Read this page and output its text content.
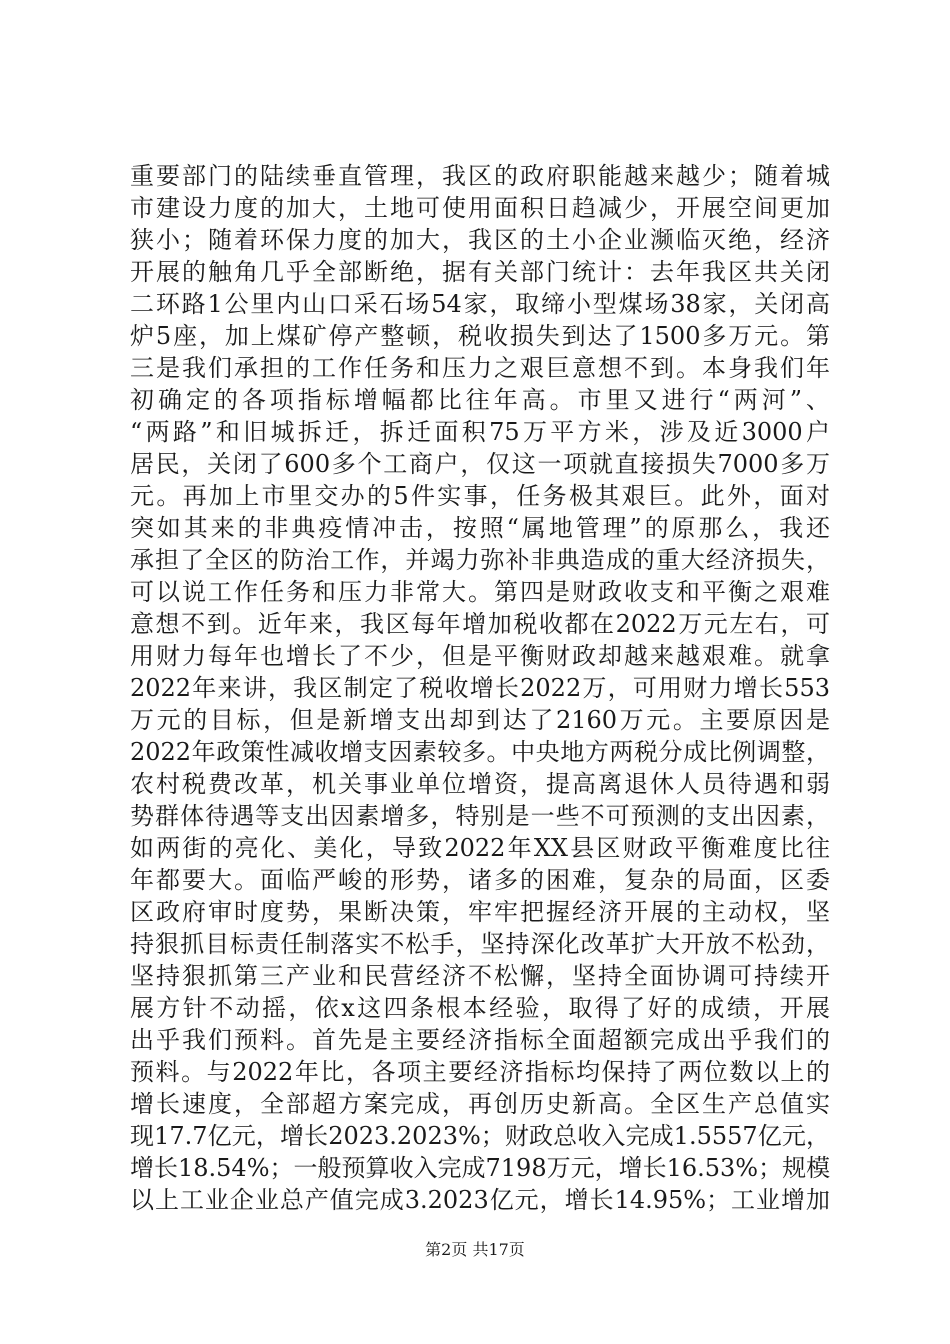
重要部门的陆续垂直管理，我区的政府职能越来越少；随着城
市建设力度的加大，土地可使用面积日趋减少，开展空间更加
狭小；随着环保力度的加大，我区的土小企业濒临灭绝，经济
开展的触角几乎全部断绝，据有关部门统计：去年我区共关闭
二环路1公里内山口采石场54家，取缔小型煤场38家，关闭高
炉5座，加上煤矿停产整顿，税收损失到达了1500多万元。第
三是我们承担的工作任务和压力之艰巨意想不到。本身我们年
初确定的各项指标增幅都比往年高。市里又进行“两河”、
“两路”和旧城拆迁，拆迁面积75万平方米，涉及近3000户
居民，关闭了600多个工商户，仅这一项就直接损失7000多万
元。再加上市里交办的5件实事，任务极其艰巨。此外，面对
突如其来的非典疫情冲击，按照“属地管理”的原那么，我还
承担了全区的防治工作，并竭力弥补非典造成的重大经济损失，
可以说工作任务和压力非常大。第四是财政收支和平衡之艰难
意想不到。近年来，我区每年增加税收都在2022万元左右，可
用财力每年也增长了不少，但是平衡财政却越来越艰难。就拿
2022年来讲，我区制定了税收增长2022万，可用财力增长553
万元的目标，但是新增支出却到达了2160万元。主要原因是
2022年政策性减收增支因素较多。中央地方两税分成比例调整，
农村税费改革，机关事业单位增资，提高离退休人员待遇和弱
势群体待遇等支出因素增多，特别是一些不可预测的支出因素，
如两街的亮化、美化，导致2022年XX县区财政平衡难度比往
年都要大。面临严峻的形势，诸多的困难，复杂的局面，区委
区政府审时度势，果断决策，牢牢把握经济开展的主动权，坚
持狠抓目标责任制落实不松手，坚持深化改革扩大开放不松劲，
坚持狠抓第三产业和民营经济不松懈，坚持全面协调可持续开
展方针不动摇，依x这四条根本经验，取得了好的成绩，开展
出乎我们预料。首先是主要经济指标全面超额完成出乎我们的
预料。与2022年比，各项主要经济指标均保持了两位数以上的
增长速度，全部超方案完成，再创历史新高。全区生产总值实
现17.7亿元，增长2023.2023%；财政总收入完成1.5557亿元，
增长18.54%；一般预算收入完成7198万元，增长16.53%；规模
以上工业企业总产值完成3.2023亿元，增长14.95%；工业增加
第2页 共17页
